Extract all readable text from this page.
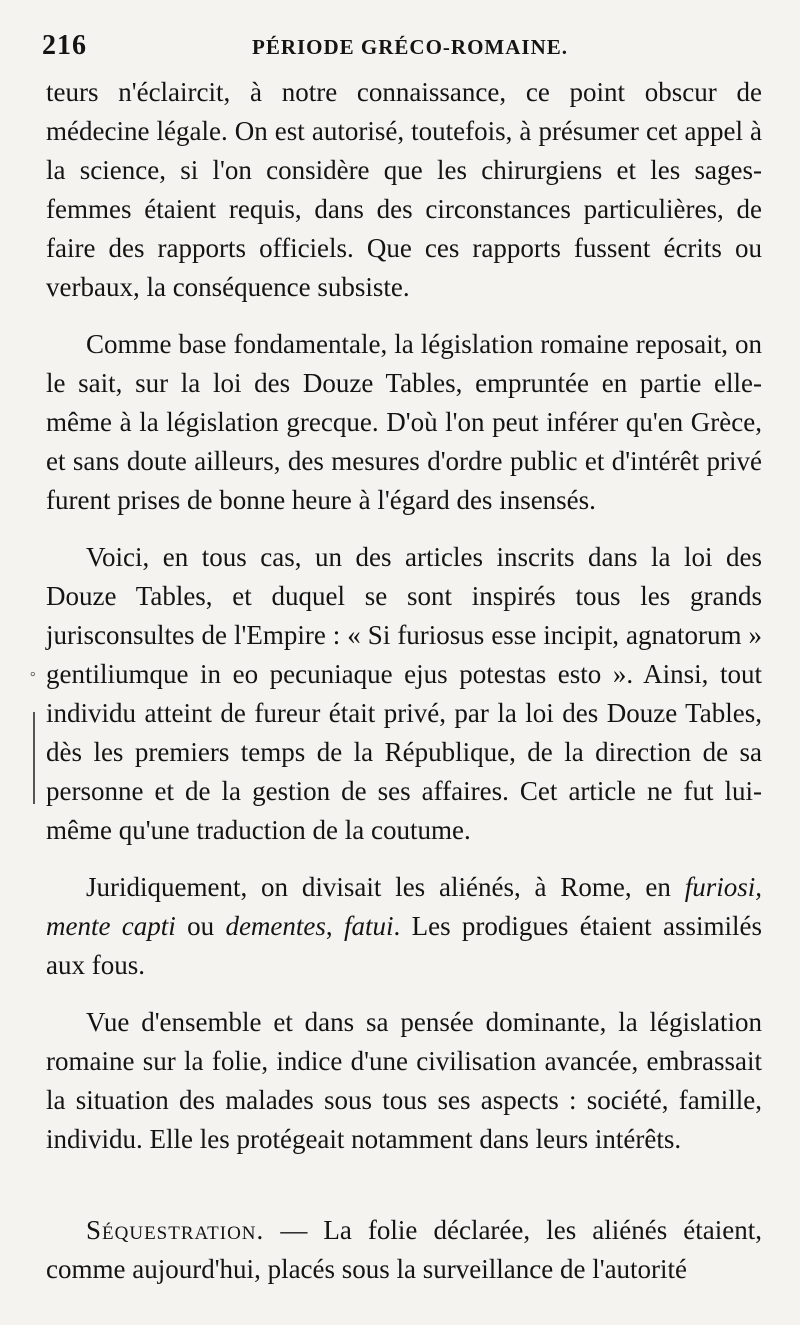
216	PÉRIODE GRÉCO-ROMAINE.
°

teurs n'éclaircit, à notre connaissance, ce point obscur de médecine légale. On est autorisé, toutefois, à présumer cet appel à la science, si l'on considère que les chirurgiens et les sages-femmes étaient requis, dans des circonstances particulières, de faire des rapports officiels. Que ces rapports fussent écrits ou verbaux, la conséquence subsiste.

Comme base fondamentale, la législation romaine reposait, on le sait, sur la loi des Douze Tables, empruntée en partie elle-même à la législation grecque. D'où l'on peut inférer qu'en Grèce, et sans doute ailleurs, des mesures d'ordre public et d'intérêt privé furent prises de bonne heure à l'égard des insensés.

Voici, en tous cas, un des articles inscrits dans la loi des Douze Tables, et duquel se sont inspirés tous les grands jurisconsultes de l'Empire : « Si furiosus esse incipit, agnatorum » gentiliumque in eo pecuniaque ejus potestas esto ». Ainsi, tout individu atteint de fureur était privé, par la loi des Douze Tables, dès les premiers temps de la République, de la direction de sa personne et de la gestion de ses affaires. Cet article ne fut lui-même qu'une traduction de la coutume.

Juridiquement, on divisait les aliénés, à Rome, en furiosi, mente capti ou dementes, fatui. Les prodigues étaient assimilés aux fous.

Vue d'ensemble et dans sa pensée dominante, la législation romaine sur la folie, indice d'une civilisation avancée, embrassait la situation des malades sous tous ses aspects : société, famille, individu. Elle les protégeait notamment dans leurs intérêts.

Séquestration. — La folie déclarée, les aliénés étaient, comme aujourd'hui, placés sous la surveillance de l'autorité
